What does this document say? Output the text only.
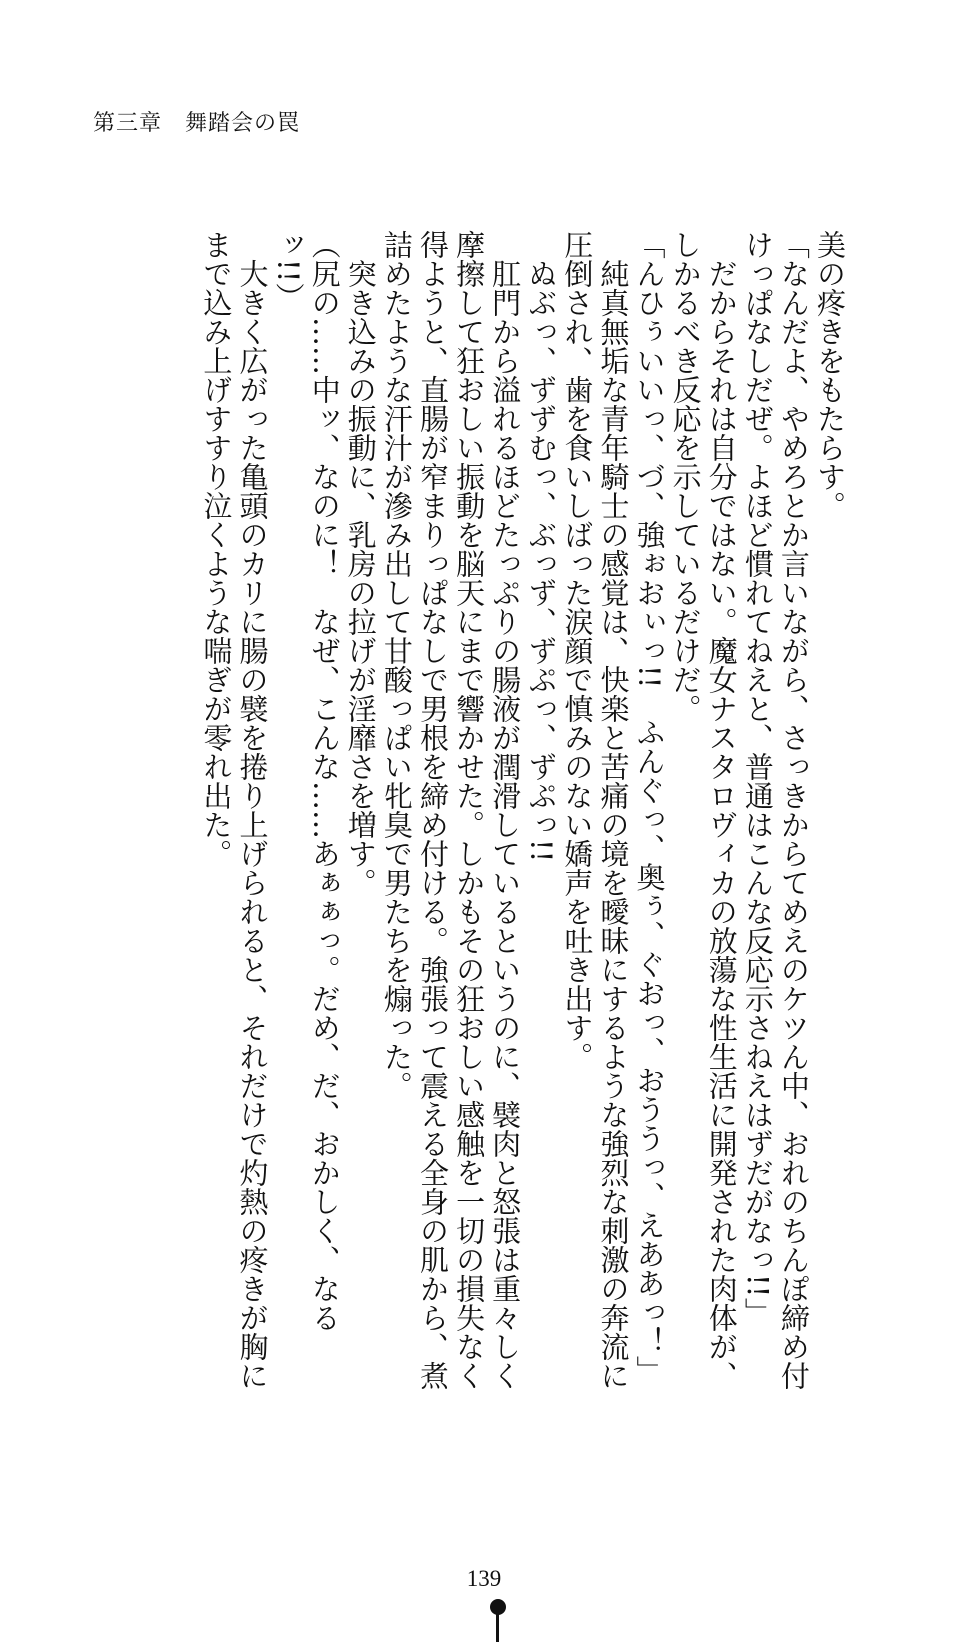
第三章　舞踏会の罠
美の疼きをもたらす。
「なんだよ、やめろとか言いながら、さっきからてめえのケツん中、おれのちんぽ締め付
けっぱなしだぜ。よほど慣れてねえと、普通はこんな反応示さねえはずだがなっ!!」
　だからそれは自分ではない。魔女ナスタロヴィカの放蕩な性生活に開発された肉体が、
しかるべき反応を示しているだけだ。
「んひぅいいっ、づ、強ぉおぃっ!!　ふんぐっ、奥ぅ、ぐおっ、おううっ、えああっ！」
　純真無垢な青年騎士の感覚は、快楽と苦痛の境を曖昧にするような強烈な刺激の奔流に
圧倒され、歯を食いしばった涙顔で慎みのない嬌声を吐き出す。
　ぬぶっ、ずずむっ、ぶっず、ずぷっ、ずぷっ!!
　肛門から溢れるほどたっぷりの腸液が潤滑しているというのに、襞肉と怒張は重々しく
摩擦して狂おしい振動を脳天にまで響かせた。しかもその狂おしい感触を一切の損失なく
得ようと、直腸が窄まりっぱなしで男根を締め付ける。強張って震える全身の肌から、煮
詰めたような汗汁が滲み出して甘酸っぱい牝臭で男たちを煽った。
　突き込みの振動に、乳房の拉げが淫靡さを増す。
（尻の……中ッ、なのに！　なぜ、こんな……あぁぁっ。だめ、だ、おかしく、なる
ッ!!）
　大きく広がった亀頭のカリに腸の襞を捲り上げられると、それだけで灼熱の疼きが胸に
まで込み上げすすり泣くような喘ぎが零れ出た。
139
